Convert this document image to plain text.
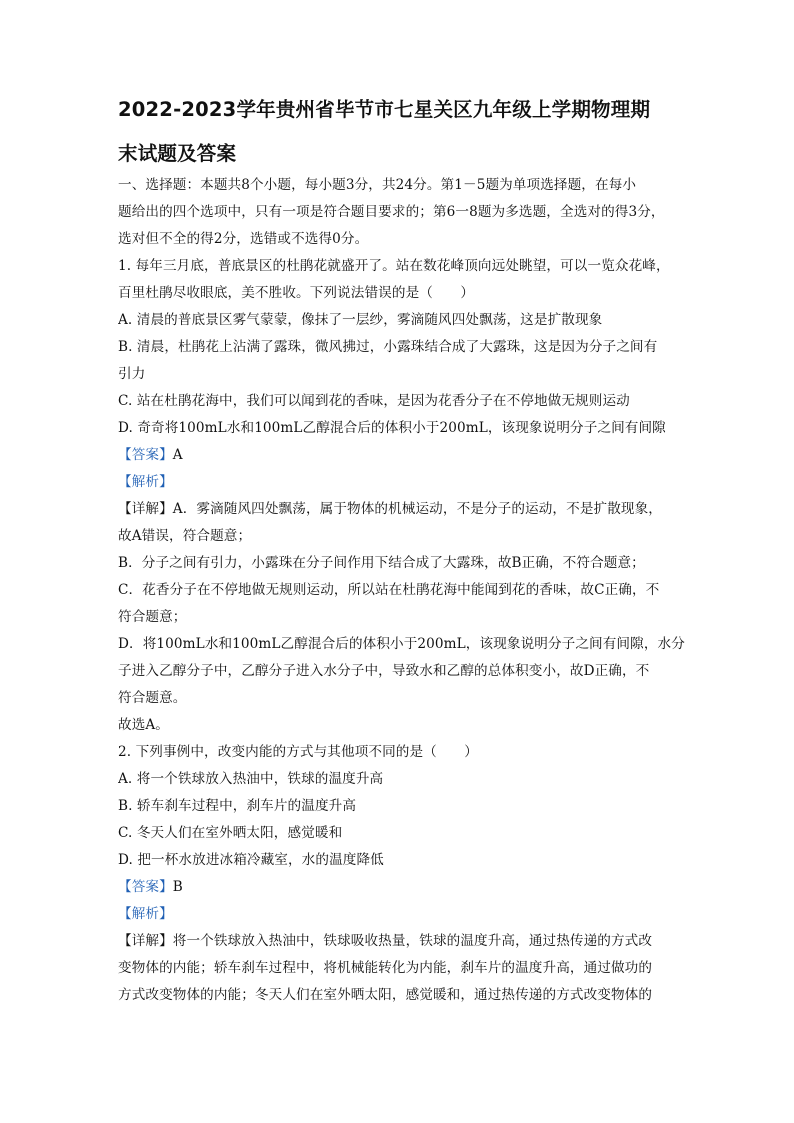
2022-2023学年贵州省毕节市七星关区九年级上学期物理期
末试题及答案
一、选择题：本题共8个小题，每小题3分，共24分。第1－5题为单项选择题，在每小
题给出的四个选项中，只有一项是符合题目要求的；第6一8题为多选题，全选对的得3分，
选对但不全的得2分，选错或不选得0分。
1. 每年三月底，普底景区的杜鹃花就盛开了。站在数花峰顶向远处眺望，可以一览众花峰，
百里杜鹃尽收眼底，美不胜收。下列说法错误的是（　　）
A. 清晨的普底景区雾气蒙蒙，像抹了一层纱，雾滴随风四处飘荡，这是扩散现象
B. 清晨，杜鹃花上沾满了露珠，微风拂过，小露珠结合成了大露珠，这是因为分子之间有
引力
C. 站在杜鹃花海中，我们可以闻到花的香味，是因为花香分子在不停地做无规则运动
D. 奇奇将100mL水和100mL乙醇混合后的体积小于200mL，该现象说明分子之间有间隙
【答案】A
【解析】
【详解】A．雾滴随风四处飘荡，属于物体的机械运动，不是分子的运动，不是扩散现象，
故A错误，符合题意；
B．分子之间有引力，小露珠在分子间作用下结合成了大露珠，故B正确，不符合题意；
C．花香分子在不停地做无规则运动，所以站在杜鹃花海中能闻到花的香味，故C正确，不
符合题意；
D．将100mL水和100mL乙醇混合后的体积小于200mL，该现象说明分子之间有间隙，水分
子进入乙醇分子中，乙醇分子进入水分子中，导致水和乙醇的总体积变小，故D正确，不
符合题意。
故选A。
2. 下列事例中，改变内能的方式与其他项不同的是（　　）
A. 将一个铁球放入热油中，铁球的温度升高
B. 轿车刹车过程中，刹车片的温度升高
C. 冬天人们在室外晒太阳，感觉暖和
D. 把一杯水放进冰箱冷藏室，水的温度降低
【答案】B
【解析】
【详解】将一个铁球放入热油中，铁球吸收热量，铁球的温度升高，通过热传递的方式改
变物体的内能；轿车刹车过程中，将机械能转化为内能，刹车片的温度升高，通过做功的
方式改变物体的内能；冬天人们在室外晒太阳，感觉暖和，通过热传递的方式改变物体的
